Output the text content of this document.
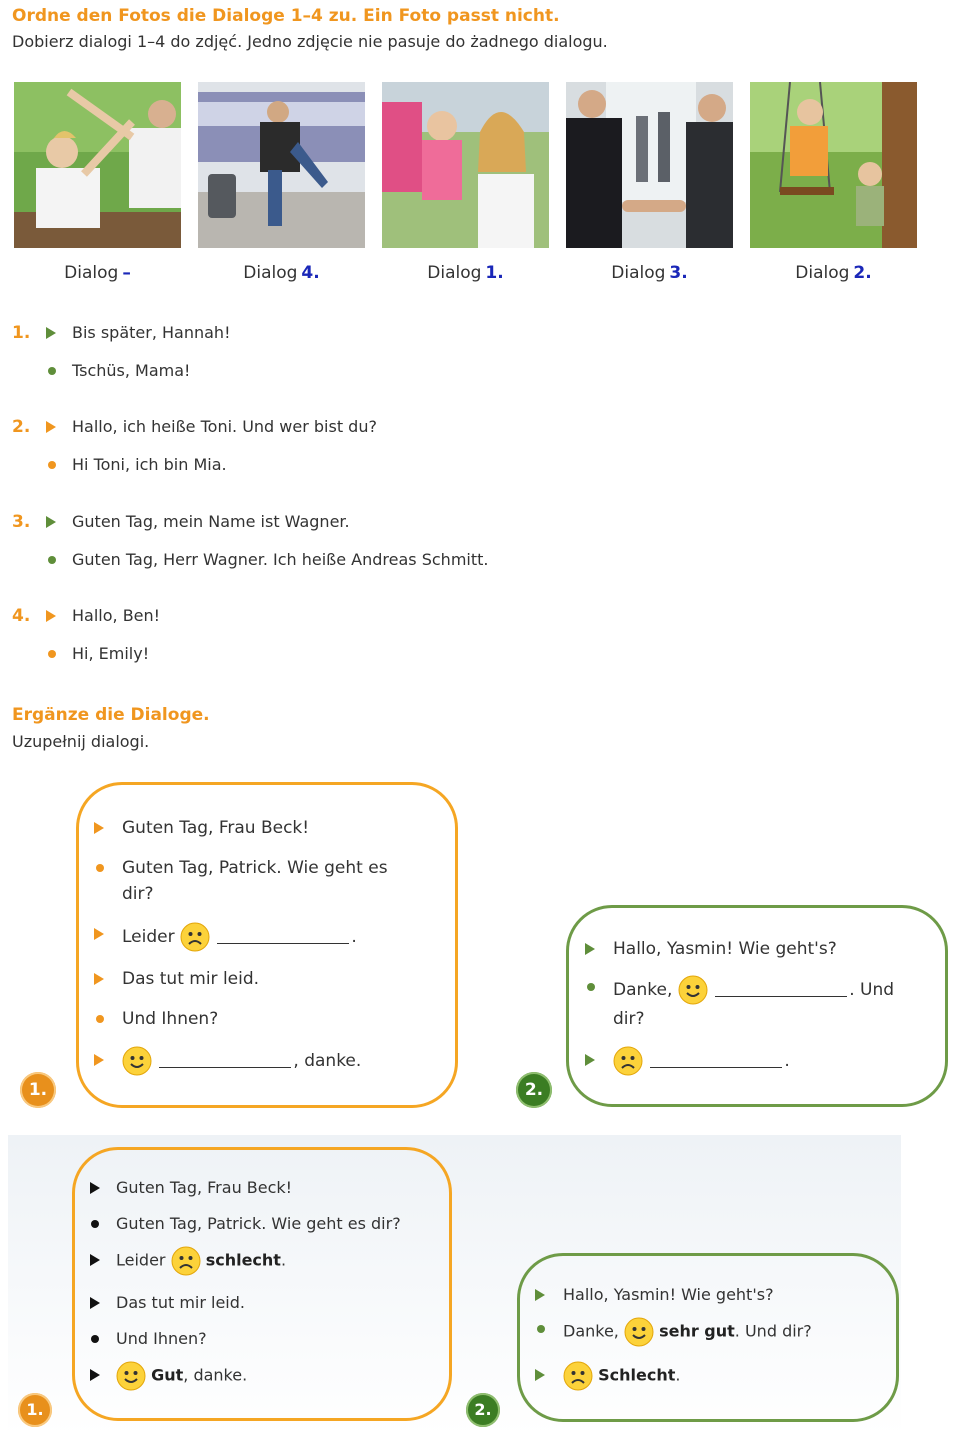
Ordne den Fotos die Dialoge 1–4 zu. Ein Foto passt nicht.
Dobierz dialogi 1–4 do zdjęć. Jedno zdjęcie nie pasuje do żadnego dialogu.
Dialog –	Dialog 4.	Dialog 1.	Dialog 3.	Dialog 2.
1.	Bis später, Hannah!
Tschüs, Mama!
2.	Hallo, ich heiße Toni. Und wer bist du?
Hi Toni, ich bin Mia.
3.	Guten Tag, mein Name ist Wagner.
Guten Tag, Herr Wagner. Ich heiße Andreas Schmitt.
4.	Hallo, Ben!
Hi, Emily!
Ergänze die Dialoge.
Uzupełnij dialogi.
1.
Guten Tag, Frau Beck!
Guten Tag, Patrick. Wie geht es
dir?
Leider	.
Das tut mir leid.
Und Ihnen?
, danke.
2.
Hallo, Yasmin! Wie geht's?
Danke,	. Und
dir?
.
1.
Guten Tag, Frau Beck!
Guten Tag, Patrick. Wie geht es dir?
Leider	schlecht.
Das tut mir leid.
Und Ihnen?
Gut, danke.
2.
Hallo, Yasmin! Wie geht's?
Danke,	sehr gut. Und dir?
Schlecht.
